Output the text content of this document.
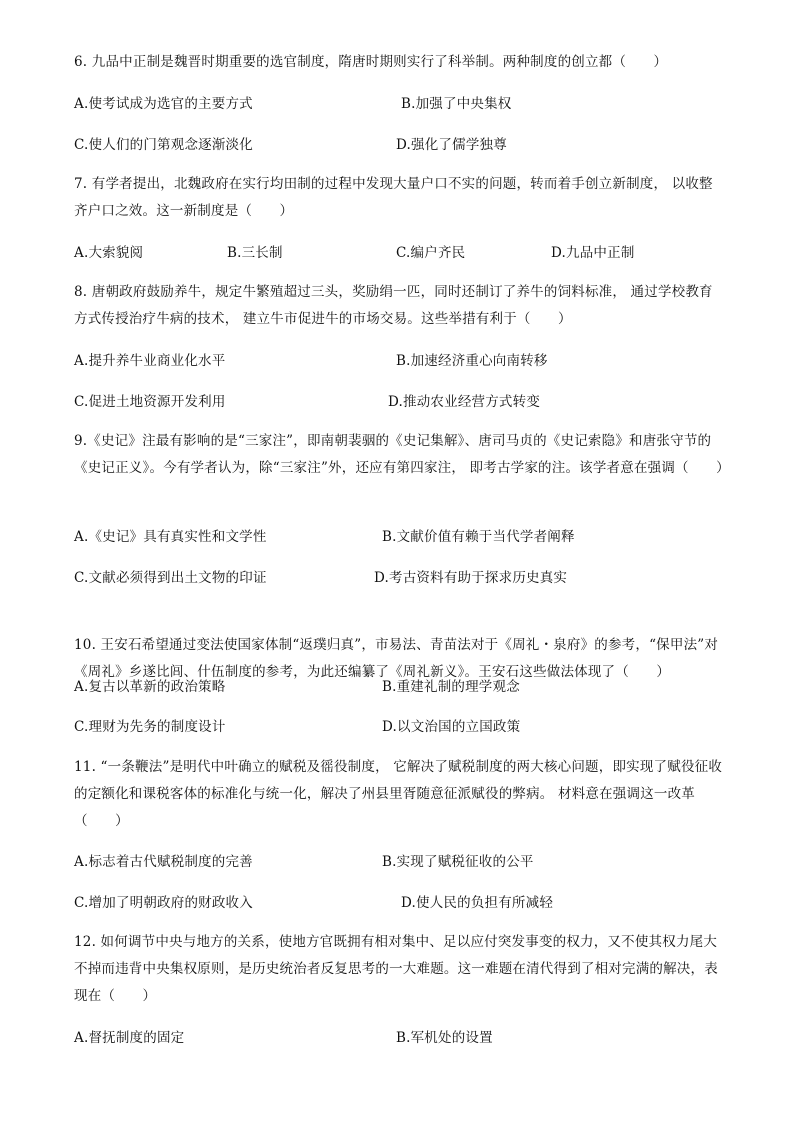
6. 九品中正制是魏晋时期重要的选官制度，隋唐时期则实行了科举制。两种制度的创立都（　　）
A.使考试成为选官的主要方式	B.加强了中央集权
C.使人们的门第观念逐渐淡化	D.强化了儒学独尊
7. 有学者提出，北魏政府在实行均田制的过程中发现大量户口不实的问题，转而着手创立新制度， 以收整齐户口之效。这一新制度是（　　）
A.大索貌阅	B.三长制	C.编户齐民	D.九品中正制
8. 唐朝政府鼓励养牛，规定牛繁殖超过三头，奖励绢一匹，同时还制订了养牛的饲料标准， 通过学校教育方式传授治疗牛病的技术， 建立牛市促进牛的市场交易。这些举措有利于（　　）
A.提升养牛业商业化水平	B.加速经济重心向南转移
C.促进土地资源开发利用	D.推动农业经营方式转变
9.《史记》注最有影响的是“三家注”，即南朝裴骃的《史记集解》、唐司马贞的《史记索隐》和唐张守节的《史记正义》。今有学者认为，除“三家注”外，还应有第四家注， 即考古学家的注。该学者意在强调（　　）
A.《史记》具有真实性和文学性	B.文献价值有赖于当代学者阐释
C.文献必须得到出土文物的印证	D.考古资料有助于探求历史真实
10. 王安石希望通过变法使国家体制“返璞归真”，市易法、青苗法对于《周礼・泉府》的参考，“保甲法”对《周礼》乡遂比闾、什伍制度的参考，为此还编纂了《周礼新义》。王安石这些做法体现了（　　）
A.复古以革新的政治策略	B.重建礼制的理学观念
C.理财为先务的制度设计	D.以文治国的立国政策
11. “一条鞭法”是明代中叶确立的赋税及徭役制度， 它解决了赋税制度的两大核心问题，即实现了赋役征收的定额化和课税客体的标准化与统一化，解决了州县里胥随意征派赋役的弊病。 材料意在强调这一改革（　　）
A.标志着古代赋税制度的完善	B.实现了赋税征收的公平
C.增加了明朝政府的财政收入	D.使人民的负担有所减轻
12. 如何调节中央与地方的关系，使地方官既拥有相对集中、足以应付突发事变的权力，又不使其权力尾大不掉而违背中央集权原则，是历史统治者反复思考的一大难题。这一难题在清代得到了相对完满的解决，表现在（　　）
A.督抚制度的固定	B.军机处的设置
